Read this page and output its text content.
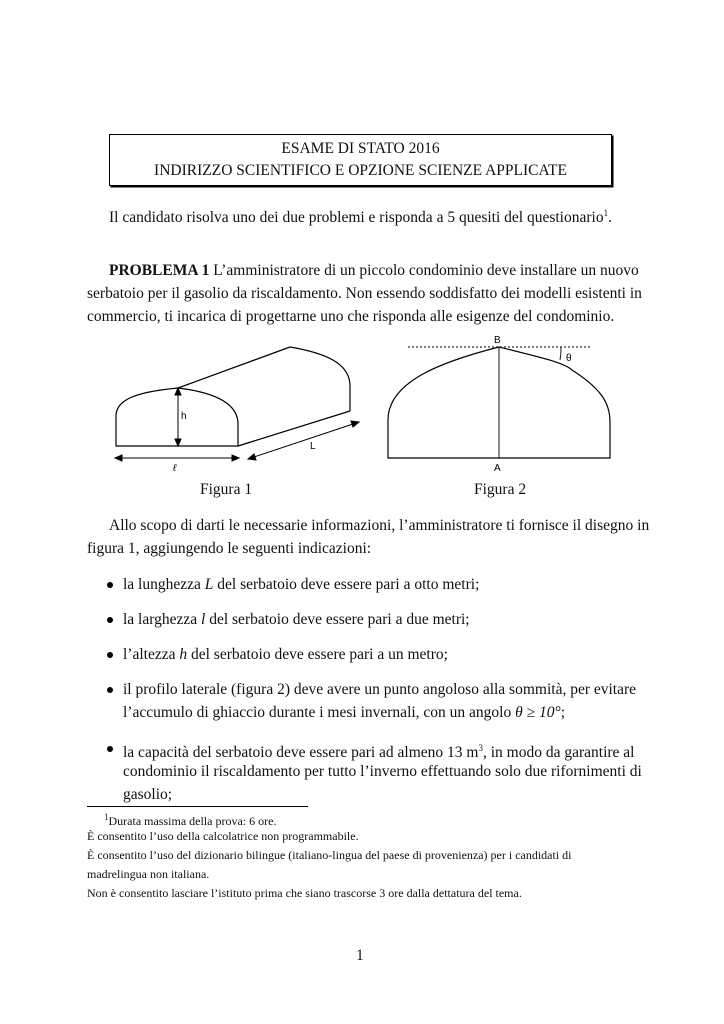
ESAME DI STATO 2016
INDIRIZZO SCIENTIFICO E OPZIONE SCIENZE APPLICATE
Il candidato risolva uno dei due problemi e risponda a 5 quesiti del questionario$^1$.
PROBLEMA 1 L’amministratore di un piccolo condominio deve installare un nuovo
serbatoio per il gasolio da riscaldamento. Non essendo soddisfatto dei modelli esistenti in
commercio, ti incarica di progettarne uno che risponda alle esigenze del condominio.
h
ℓ
L
Figura 1
B
A
θ
Figura 2
Allo scopo di darti le necessarie informazioni, l’amministratore ti fornisce il disegno in
figura 1, aggiungendo le seguenti indicazioni:
la lunghezza L del serbatoio deve essere pari a otto metri;
la larghezza l del serbatoio deve essere pari a due metri;
l’altezza h del serbatoio deve essere pari a un metro;
il profilo laterale (figura 2) deve avere un punto angoloso alla sommità, per evitare
l’accumulo di ghiaccio durante i mesi invernali, con un angolo θ ≥ 10°;
la capacità del serbatoio deve essere pari ad almeno 13 $m^3$, in modo da garantire al
condominio il riscaldamento per tutto l’inverno effettuando solo due rifornimenti di
gasolio;
$^1$Durata massima della prova: 6 ore.
È consentito l’uso della calcolatrice non programmabile.
È consentito l’uso del dizionario bilingue (italiano-lingua del paese di provenienza) per i candidati di
madrelingua non italiana.
Non è consentito lasciare l’istituto prima che siano trascorse 3 ore dalla dettatura del tema.
1
